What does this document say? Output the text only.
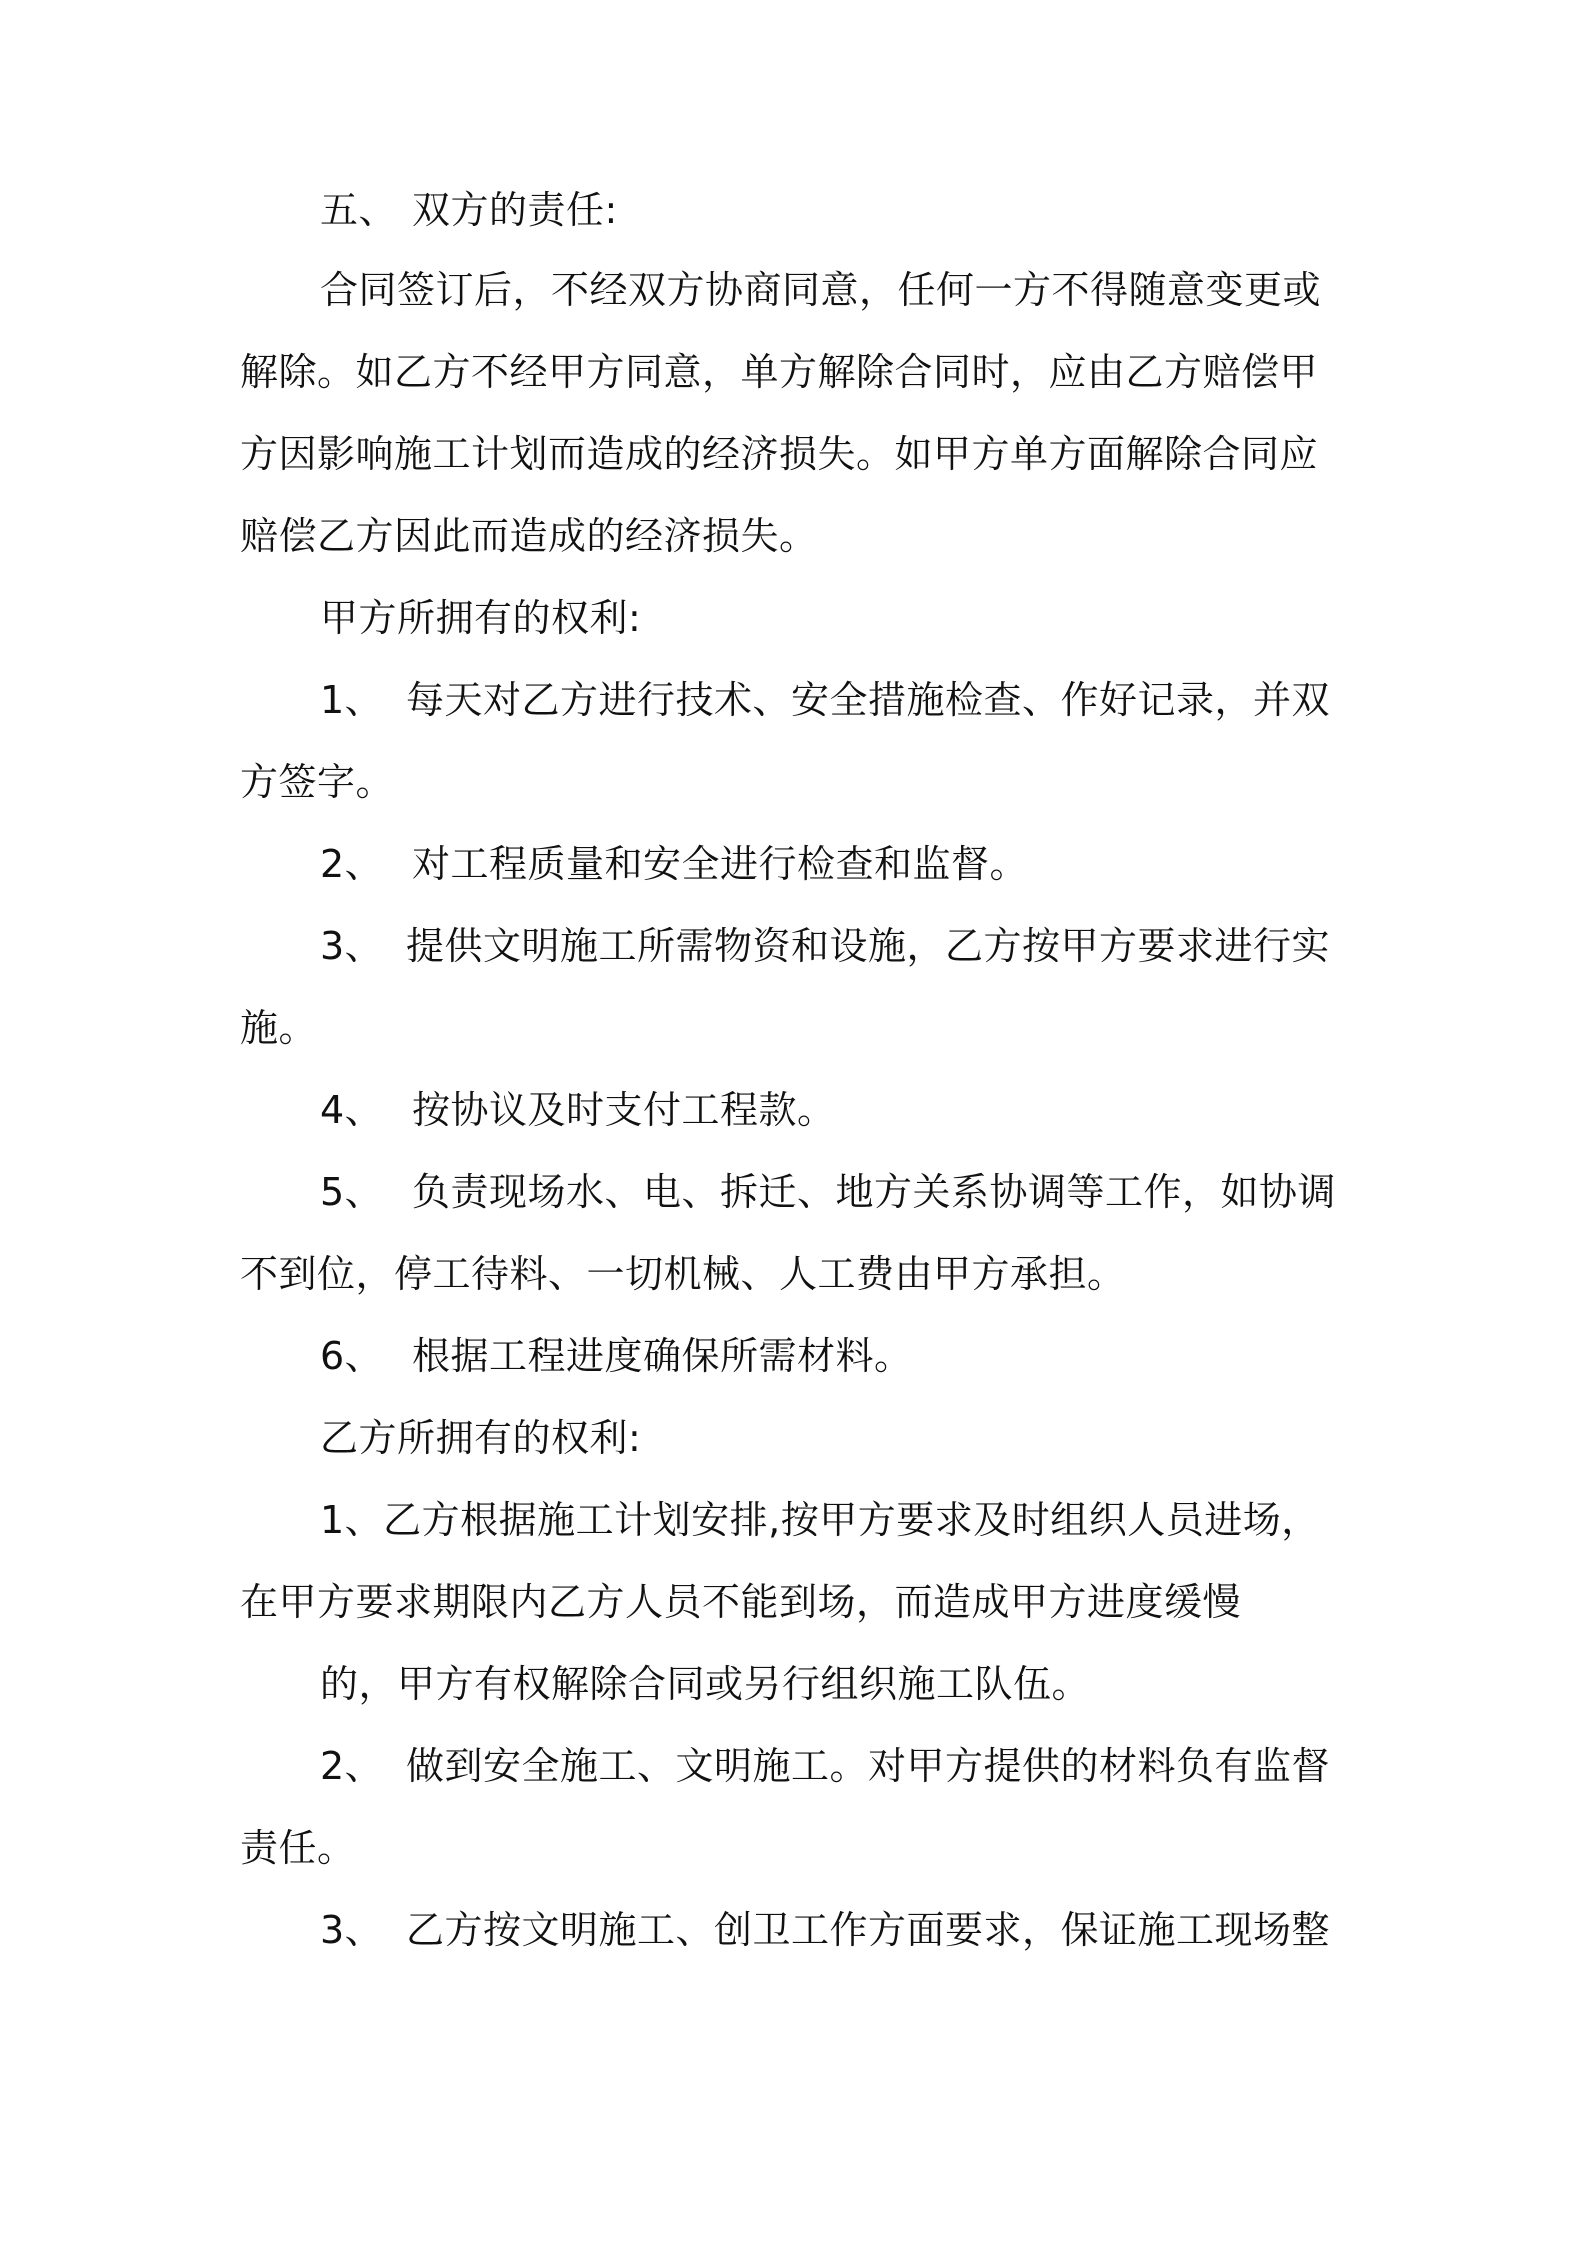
五、 双方的责任:

合同签订后，不经双方协商同意，任何一方不得随意变更或

解除。如乙方不经甲方同意，单方解除合同时，应由乙方赔偿甲

方因影响施工计划而造成的经济损失。如甲方单方面解除合同应

赔偿乙方因此而造成的经济损失。

甲方所拥有的权利:

1、 每天对乙方进行技术、安全措施检查、作好记录，并双

方签字。

2、 对工程质量和安全进行检查和监督。

3、 提供文明施工所需物资和设施，乙方按甲方要求进行实

施。

4、 按协议及时支付工程款。

5、 负责现场水、电、拆迁、地方关系协调等工作，如协调

不到位，停工待料、一切机械、人工费由甲方承担。

6、 根据工程进度确保所需材料。

乙方所拥有的权利:

1、乙方根据施工计划安排,按甲方要求及时组织人员进场，

在甲方要求期限内乙方人员不能到场，而造成甲方进度缓慢

的，甲方有权解除合同或另行组织施工队伍。

2、 做到安全施工、文明施工。对甲方提供的材料负有监督

责任。

3、 乙方按文明施工、创卫工作方面要求，保证施工现场整
